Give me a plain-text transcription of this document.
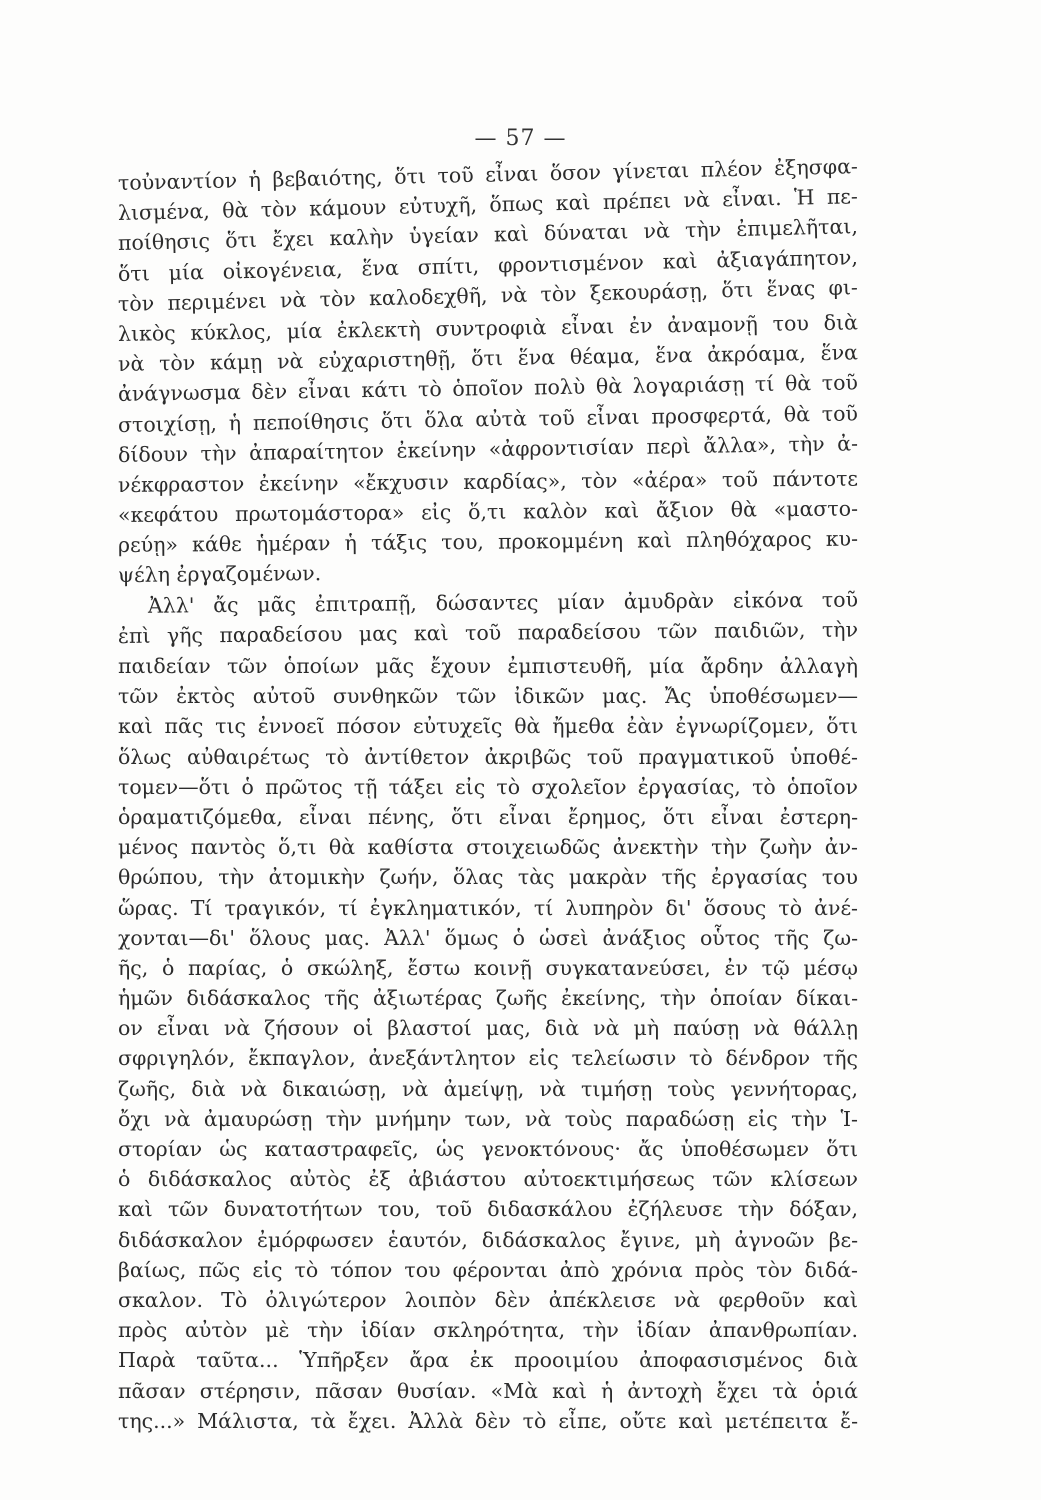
— 57 —
τοὐναντίον ἡ βεβαιότης, ὅτι τοῦ εἶναι ὅσον γίνεται πλέον ἐξησφα-
λισμένα, θὰ τὸν κάμουν εὐτυχῆ, ὅπως καὶ πρέπει νὰ εἶναι. Ἡ πε-
ποίθησις ὅτι ἔχει καλὴν ὑγείαν καὶ δύναται νὰ τὴν ἐπιμελῆται,
ὅτι μία οἰκογένεια, ἕνα σπίτι, φροντισμένον καὶ ἀξιαγάπητον,
τὸν περιμένει νὰ τὸν καλοδεχθῆ, νὰ τὸν ξεκουράσῃ, ὅτι ἕνας φι-
λικὸς κύκλος, μία ἐκλεκτὴ συντροφιὰ εἶναι ἐν ἀναμονῇ του διὰ
νὰ τὸν κάμῃ νὰ εὐχαριστηθῇ, ὅτι ἕνα θέαμα, ἕνα ἀκρόαμα, ἕνα
ἀνάγνωσμα δὲν εἶναι κάτι τὸ ὁποῖον πολὺ θὰ λογαριάσῃ τί θὰ τοῦ
στοιχίσῃ, ἡ πεποίθησις ὅτι ὅλα αὐτὰ τοῦ εἶναι προσφερτά, θὰ τοῦ
δίδουν τὴν ἀπαραίτητον ἐκείνην «ἀφροντισίαν περὶ ἄλλα», τὴν ἀ-
νέκφραστον ἐκείνην «ἔκχυσιν καρδίας», τὸν «ἀέρα» τοῦ πάντοτε
«κεφάτου πρωτομάστορα» εἰς ὅ,τι καλὸν καὶ ἄξιον θὰ «μαστο-
ρεύῃ» κάθε ἡμέραν ἡ τάξις του, προκομμένη καὶ πληθόχαρος κυ-
ψέλη ἐργαζομένων.
Ἀλλ' ἄς μᾶς ἐπιτραπῇ, δώσαντες μίαν ἀμυδρὰν εἰκόνα τοῦ
ἐπὶ γῆς παραδείσου μας καὶ τοῦ παραδείσου τῶν παιδιῶν, τὴν
παιδείαν τῶν ὁποίων μᾶς ἔχουν ἐμπιστευθῆ, μία ἄρδην ἀλλαγὴ
τῶν ἐκτὸς αὐτοῦ συνθηκῶν τῶν ἰδικῶν μας. Ἄς ὑποθέσωμεν—
καὶ πᾶς τις ἐννοεῖ πόσον εὐτυχεῖς θὰ ἤμεθα ἐὰν ἐγνωρίζομεν, ὅτι
ὅλως αὐθαιρέτως τὸ ἀντίθετον ἀκριβῶς τοῦ πραγματικοῦ ὑποθέ-
τομεν—ὅτι ὁ πρῶτος τῇ τάξει εἰς τὸ σχολεῖον ἐργασίας, τὸ ὁποῖον
ὁραματιζόμεθα, εἶναι πένης, ὅτι εἶναι ἔρημος, ὅτι εἶναι ἐστερη-
μένος παντὸς ὅ,τι θὰ καθίστα στοιχειωδῶς ἀνεκτὴν τὴν ζωὴν ἀν-
θρώπου, τὴν ἀτομικὴν ζωήν, ὅλας τὰς μακρὰν τῆς ἐργασίας του
ὥρας. Τί τραγικόν, τί ἐγκληματικόν, τί λυπηρὸν δι' ὅσους τὸ ἀνέ-
χονται—δι' ὅλους μας. Ἀλλ' ὅμως ὁ ὡσεὶ ἀνάξιος οὗτος τῆς ζω-
ῆς, ὁ παρίας, ὁ σκώληξ, ἔστω κοινῇ συγκατανεύσει, ἐν τῷ μέσῳ
ἡμῶν διδάσκαλος τῆς ἀξιωτέρας ζωῆς ἐκείνης, τὴν ὁποίαν δίκαι-
ον εἶναι νὰ ζήσουν οἱ βλαστοί μας, διὰ νὰ μὴ παύσῃ νὰ θάλλῃ
σφριγηλόν, ἔκπαγλον, ἀνεξάντλητον εἰς τελείωσιν τὸ δένδρον τῆς
ζωῆς, διὰ νὰ δικαιώσῃ, νὰ ἀμείψῃ, νὰ τιμήσῃ τοὺς γεννήτορας,
ὄχι νὰ ἀμαυρώσῃ τὴν μνήμην των, νὰ τοὺς παραδώσῃ εἰς τὴν Ἱ-
στορίαν ὡς καταστραφεῖς, ὡς γενοκτόνους· ἄς ὑποθέσωμεν ὅτι
ὁ διδάσκαλος αὐτὸς ἐξ ἀβιάστου αὐτοεκτιμήσεως τῶν κλίσεων
καὶ τῶν δυνατοτήτων του, τοῦ διδασκάλου ἐζήλευσε τὴν δόξαν,
διδάσκαλον ἐμόρφωσεν ἑαυτόν, διδάσκαλος ἔγινε, μὴ ἀγνοῶν βε-
βαίως, πῶς εἰς τὸ τόπον του φέρονται ἀπὸ χρόνια πρὸς τὸν διδά-
σκαλον. Τὸ ὀλιγώτερον λοιπὸν δὲν ἀπέκλεισε νὰ φερθοῦν καὶ
πρὸς αὐτὸν μὲ τὴν ἰδίαν σκληρότητα, τὴν ἰδίαν ἀπανθρωπίαν.
Παρὰ ταῦτα... Ὑπῆρξεν ἄρα ἐκ προοιμίου ἀποφασισμένος διὰ
πᾶσαν στέρησιν, πᾶσαν θυσίαν. «Μὰ καὶ ἡ ἀντοχὴ ἔχει τὰ ὁριά
της...» Μάλιστα, τὰ ἔχει. Ἀλλὰ δὲν τὸ εἶπε, οὔτε καὶ μετέπειτα ἔ-
